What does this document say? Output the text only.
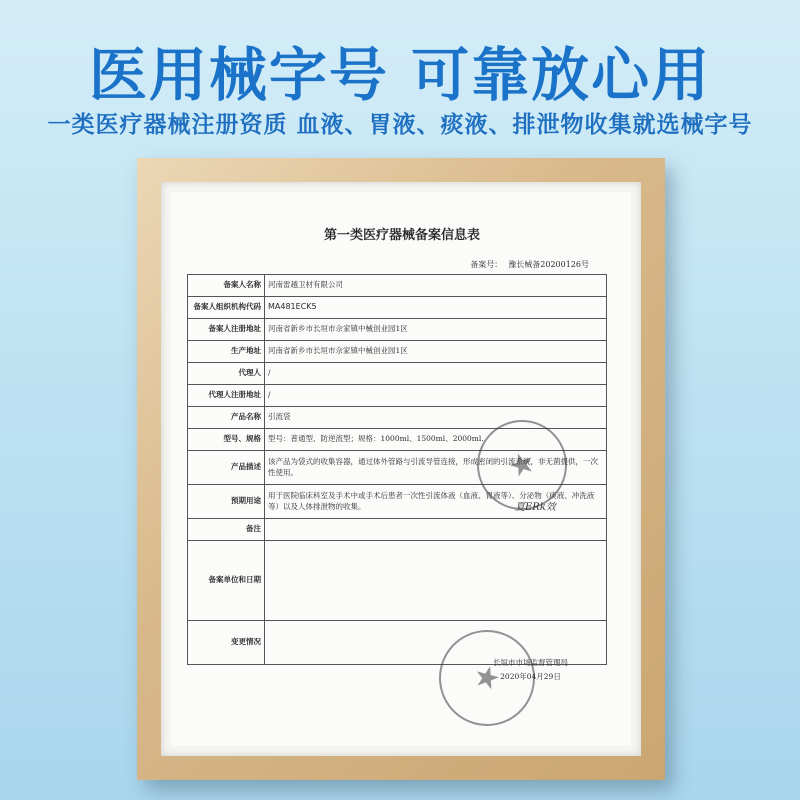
医用械字号 可靠放心用
一类医疗器械注册资质 血液、胃液、痰液、排泄物收集就选械字号
第一类医疗器械备案信息表
备案号： 豫长械备20200126号
备案人名称	河南雷越卫材有限公司
备案人组织机构代码	MA481ECK5
备案人注册地址	河南省新乡市长垣市佘家镇中械创业园1区
生产地址	河南省新乡市长垣市佘家镇中械创业园1区
代理人	/
代理人注册地址	/
产品名称	引流袋
型号、规格	型号：普通型、防逆流型；规格：1000ml、1500ml、2000ml.
产品描述	该产品为袋式的收集容器，通过体外管路与引流导管连接，形成密闭的引流系统，非无菌提供，一次性使用。
预期用途	用于医院临床科室及手术中或手术后患者一次性引流体液（血液、胃液等）、分泌物（痰液、冲洗液等）以及人体排泄物的收集。
备注	
备案单位和日期	
变更情况	
★
夏ERk效
★
长垣市市场监督管理局
2020年04月29日
